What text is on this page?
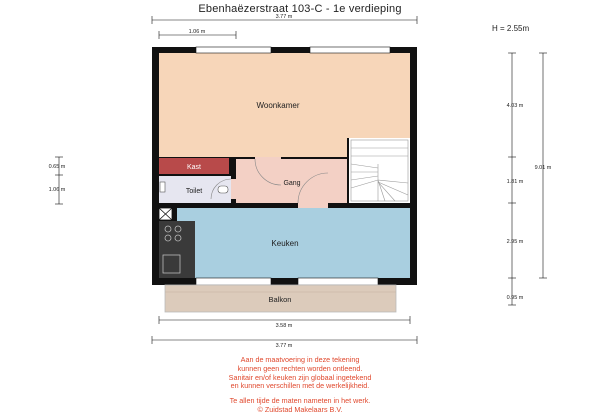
Ebenhaëzerstraat 103-C - 1e verdieping
H = 2.55m
Woonkamer
Kast
Toilet
Gang
Keuken
Balkon
3.77 m
1.06 m
0.65 m
1.06 m
4.03 m
1.81 m
2.95 m
0.95 m
9.01 m
3.58 m
3.77 m
Aan de maatvoering in deze tekening
kunnen geen rechten worden ontleend.
Sanitair en/of keuken zijn globaal ingetekend
en kunnen verschillen met de werkelijkheid.
Te allen tijde de maten nameten in het werk.
© Zuidstad Makelaars B.V.
